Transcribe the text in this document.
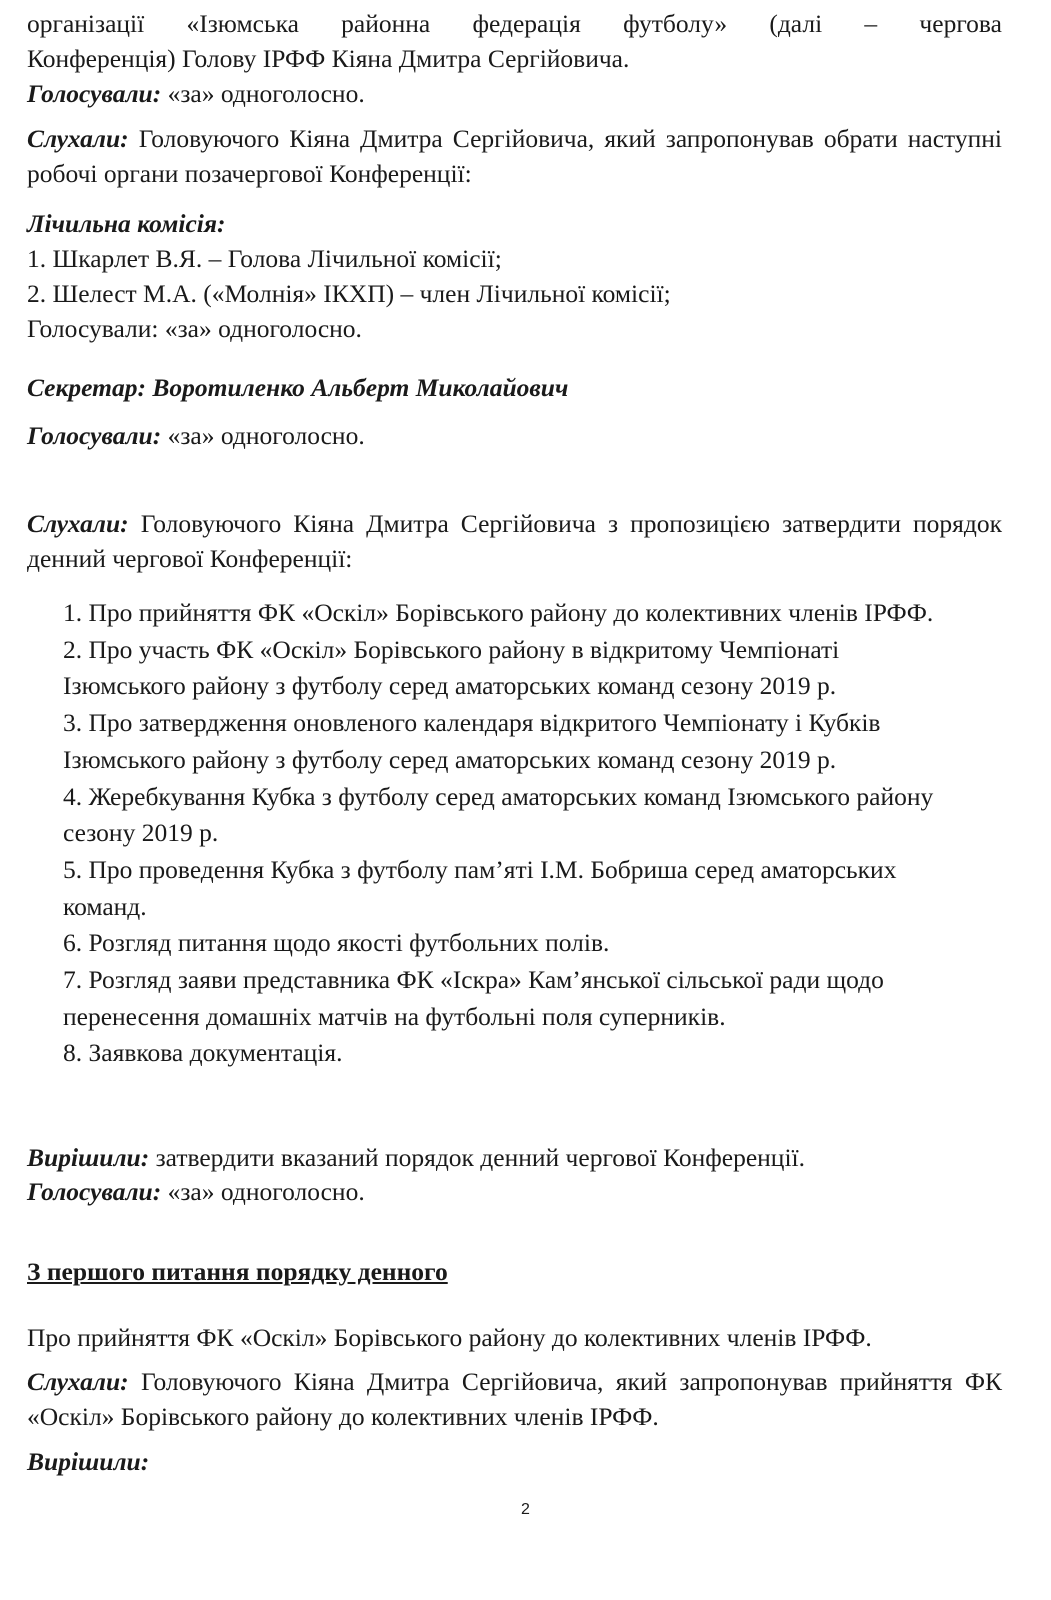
організації «Ізюмська районна федерація футболу» (далі – чергова
Конференція) Голову ІРФФ Кіяна Дмитра Сергійовича.

Голосували: «за» одноголосно.

Слухали: Головуючого Кіяна Дмитра Сергійовича, який запропонував обрати наступні робочі органи позачергової Конференції:

Лічильна комісія:
1. Шкарлет В.Я. – Голова Лічильної комісії;
2. Шелест М.А. («Молнія» ІКХП) – член Лічильної комісії;
Голосували: «за» одноголосно.

Секретар: Воротиленко Альберт Миколайович

Голосували: «за» одноголосно.

Слухали: Головуючого Кіяна Дмитра Сергійовича з пропозицією затвердити порядок денний чергової Конференції:

1. Про прийняття ФК «Оскіл» Борівського району до колективних членів ІРФФ.
2. Про участь ФК «Оскіл» Борівського району в відкритому Чемпіонаті Ізюмського району з футболу серед аматорських команд сезону 2019 р.
3. Про затвердження оновленого календаря відкритого Чемпіонату і Кубків Ізюмського району з футболу серед аматорських команд сезону 2019 р.
4. Жеребкування Кубка з футболу серед аматорських команд Ізюмського району сезону 2019 р.
5. Про проведення Кубка з футболу пам’яті І.М. Бобриша серед аматорських команд.
6. Розгляд питання щодо якості футбольних полів.
7. Розгляд заяви представника ФК «Іскра» Кам’янської сільської ради щодо перенесення домашніх матчів на футбольні поля суперників.
8. Заявкова документація.

Вирішили: затвердити вказаний порядок денний чергової Конференції.

Голосували: «за» одноголосно.

З першого питання порядку денного

Про прийняття ФК «Оскіл» Борівського району до колективних членів ІРФФ.

Слухали: Головуючого Кіяна Дмитра Сергійовича, який запропонував прийняття ФК «Оскіл» Борівського району до колективних членів ІРФФ.

Вирішили:

2
